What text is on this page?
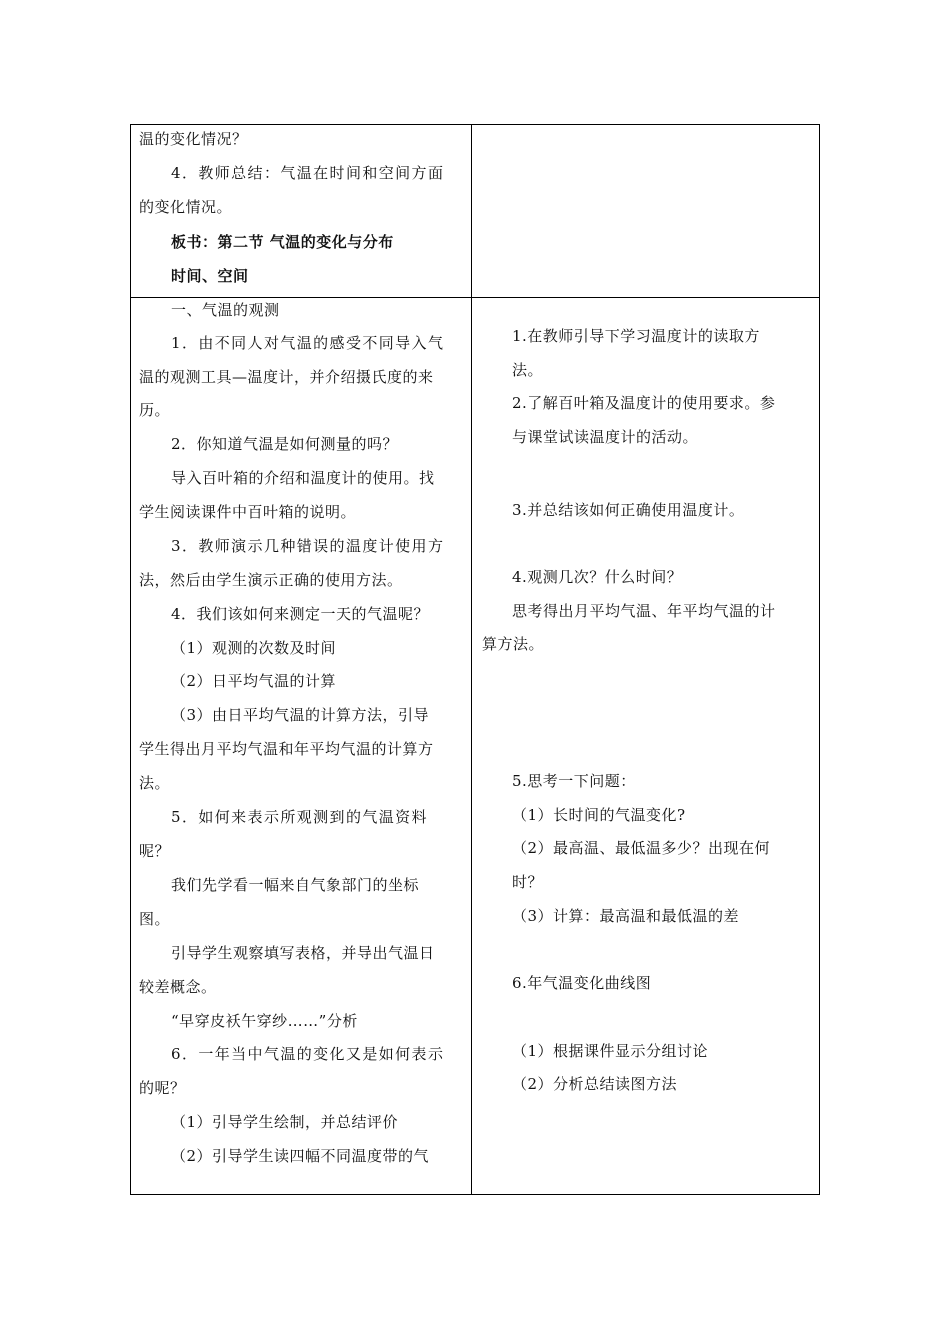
温的变化情况？
4．教师总结：气温在时间和空间方面
的变化情况。
板书：第二节 气温的变化与分布
时间、空间
一、气温的观测
1．由不同人对气温的感受不同导入气
温的观测工具—温度计，并介绍摄氏度的来
历。
2．你知道气温是如何测量的吗？
导入百叶箱的介绍和温度计的使用。找
学生阅读课件中百叶箱的说明。
3．教师演示几种错误的温度计使用方
法，然后由学生演示正确的使用方法。
4．我们该如何来测定一天的气温呢？
（1）观测的次数及时间
（2）日平均气温的计算
（3）由日平均气温的计算方法，引导
学生得出月平均气温和年平均气温的计算方
法。
5．如何来表示所观测到的气温资料
呢？
我们先学看一幅来自气象部门的坐标
图。
引导学生观察填写表格，并导出气温日
较差概念。
“早穿皮袄午穿纱……”分析
6．一年当中气温的变化又是如何表示
的呢？
（1）引导学生绘制，并总结评价
（2）引导学生读四幅不同温度带的气
1.在教师引导下学习温度计的读取方
法。
2.了解百叶箱及温度计的使用要求。参
与课堂试读温度计的活动。
3.并总结该如何正确使用温度计。
4.观测几次？什么时间？
思考得出月平均气温、年平均气温的计
算方法。
5.思考一下问题：
（1）长时间的气温变化?
（2）最高温、最低温多少？出现在何
时？
（3）计算：最高温和最低温的差
6.年气温变化曲线图
（1）根据课件显示分组讨论
（2）分析总结读图方法
